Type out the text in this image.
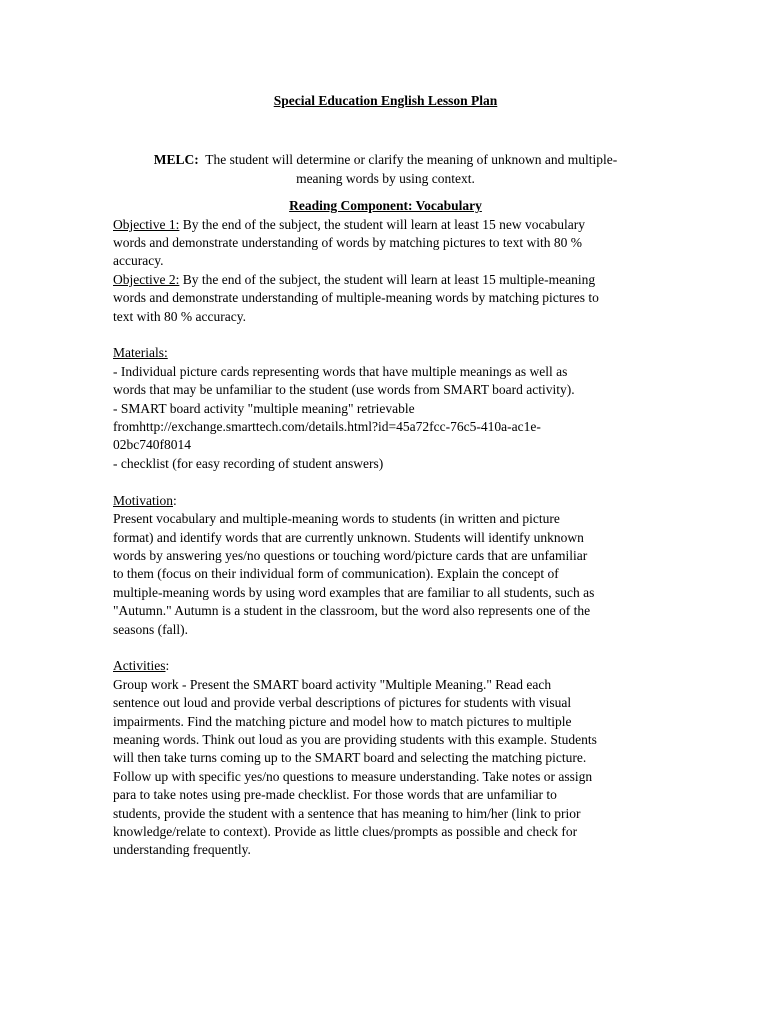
Special Education English Lesson Plan
MELC: The student will determine or clarify the meaning of unknown and multiple-
meaning words by using context.
Reading Component: Vocabulary
Objective 1: By the end of the subject, the student will learn at least 15 new vocabulary
words and demonstrate understanding of words by matching pictures to text with 80 %
accuracy.
Objective 2: By the end of the subject, the student will learn at least 15 multiple-meaning
words and demonstrate understanding of multiple-meaning words by matching pictures to
text with 80 % accuracy.
Materials:
- Individual picture cards representing words that have multiple meanings as well as
words that may be unfamiliar to the student (use words from SMART board activity).
- SMART board activity "multiple meaning" retrievable
fromhttp://exchange.smarttech.com/details.html?id=45a72fcc-76c5-410a-ac1e-
02bc740f8014
- checklist (for easy recording of student answers)
Motivation:
Present vocabulary and multiple-meaning words to students (in written and picture
format) and identify words that are currently unknown. Students will identify unknown
words by answering yes/no questions or touching word/picture cards that are unfamiliar
to them (focus on their individual form of communication). Explain the concept of
multiple-meaning words by using word examples that are familiar to all students, such as
"Autumn." Autumn is a student in the classroom, but the word also represents one of the
seasons (fall).
Activities:
Group work - Present the SMART board activity "Multiple Meaning." Read each
sentence out loud and provide verbal descriptions of pictures for students with visual
impairments. Find the matching picture and model how to match pictures to multiple
meaning words. Think out loud as you are providing students with this example. Students
will then take turns coming up to the SMART board and selecting the matching picture.
Follow up with specific yes/no questions to measure understanding. Take notes or assign
para to take notes using pre-made checklist. For those words that are unfamiliar to
students, provide the student with a sentence that has meaning to him/her (link to prior
knowledge/relate to context). Provide as little clues/prompts as possible and check for
understanding frequently.
